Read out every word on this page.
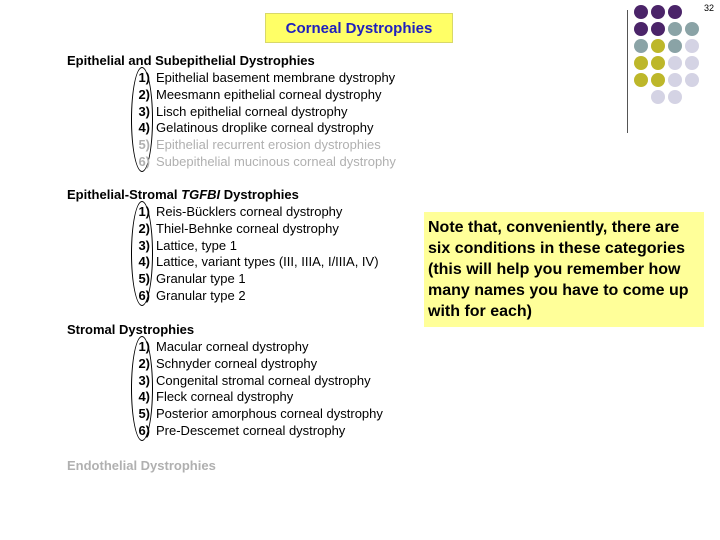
32
Corneal Dystrophies
Epithelial and Subepithelial Dystrophies
1) Epithelial basement membrane dystrophy
2) Meesmann epithelial corneal dystrophy
3) Lisch epithelial corneal dystrophy
4) Gelatinous droplike corneal dystrophy
5) Epithelial recurrent erosion dystrophies
6) Subepithelial mucinous corneal dystrophy
Epithelial-Stromal TGFBI Dystrophies
1) Reis-Bücklers corneal dystrophy
2) Thiel-Behnke corneal dystrophy
3) Lattice, type 1
4) Lattice, variant types (III, IIIA, I/IIIA, IV)
5) Granular type 1
6) Granular type 2
Stromal Dystrophies
1) Macular corneal dystrophy
2) Schnyder corneal dystrophy
3) Congenital stromal corneal dystrophy
4) Fleck corneal dystrophy
5) Posterior amorphous corneal dystrophy
6) Pre-Descemet corneal dystrophy
Endothelial Dystrophies
Note that, conveniently, there are six conditions in these categories (this will help you remember how many names you have to come up with for each)
